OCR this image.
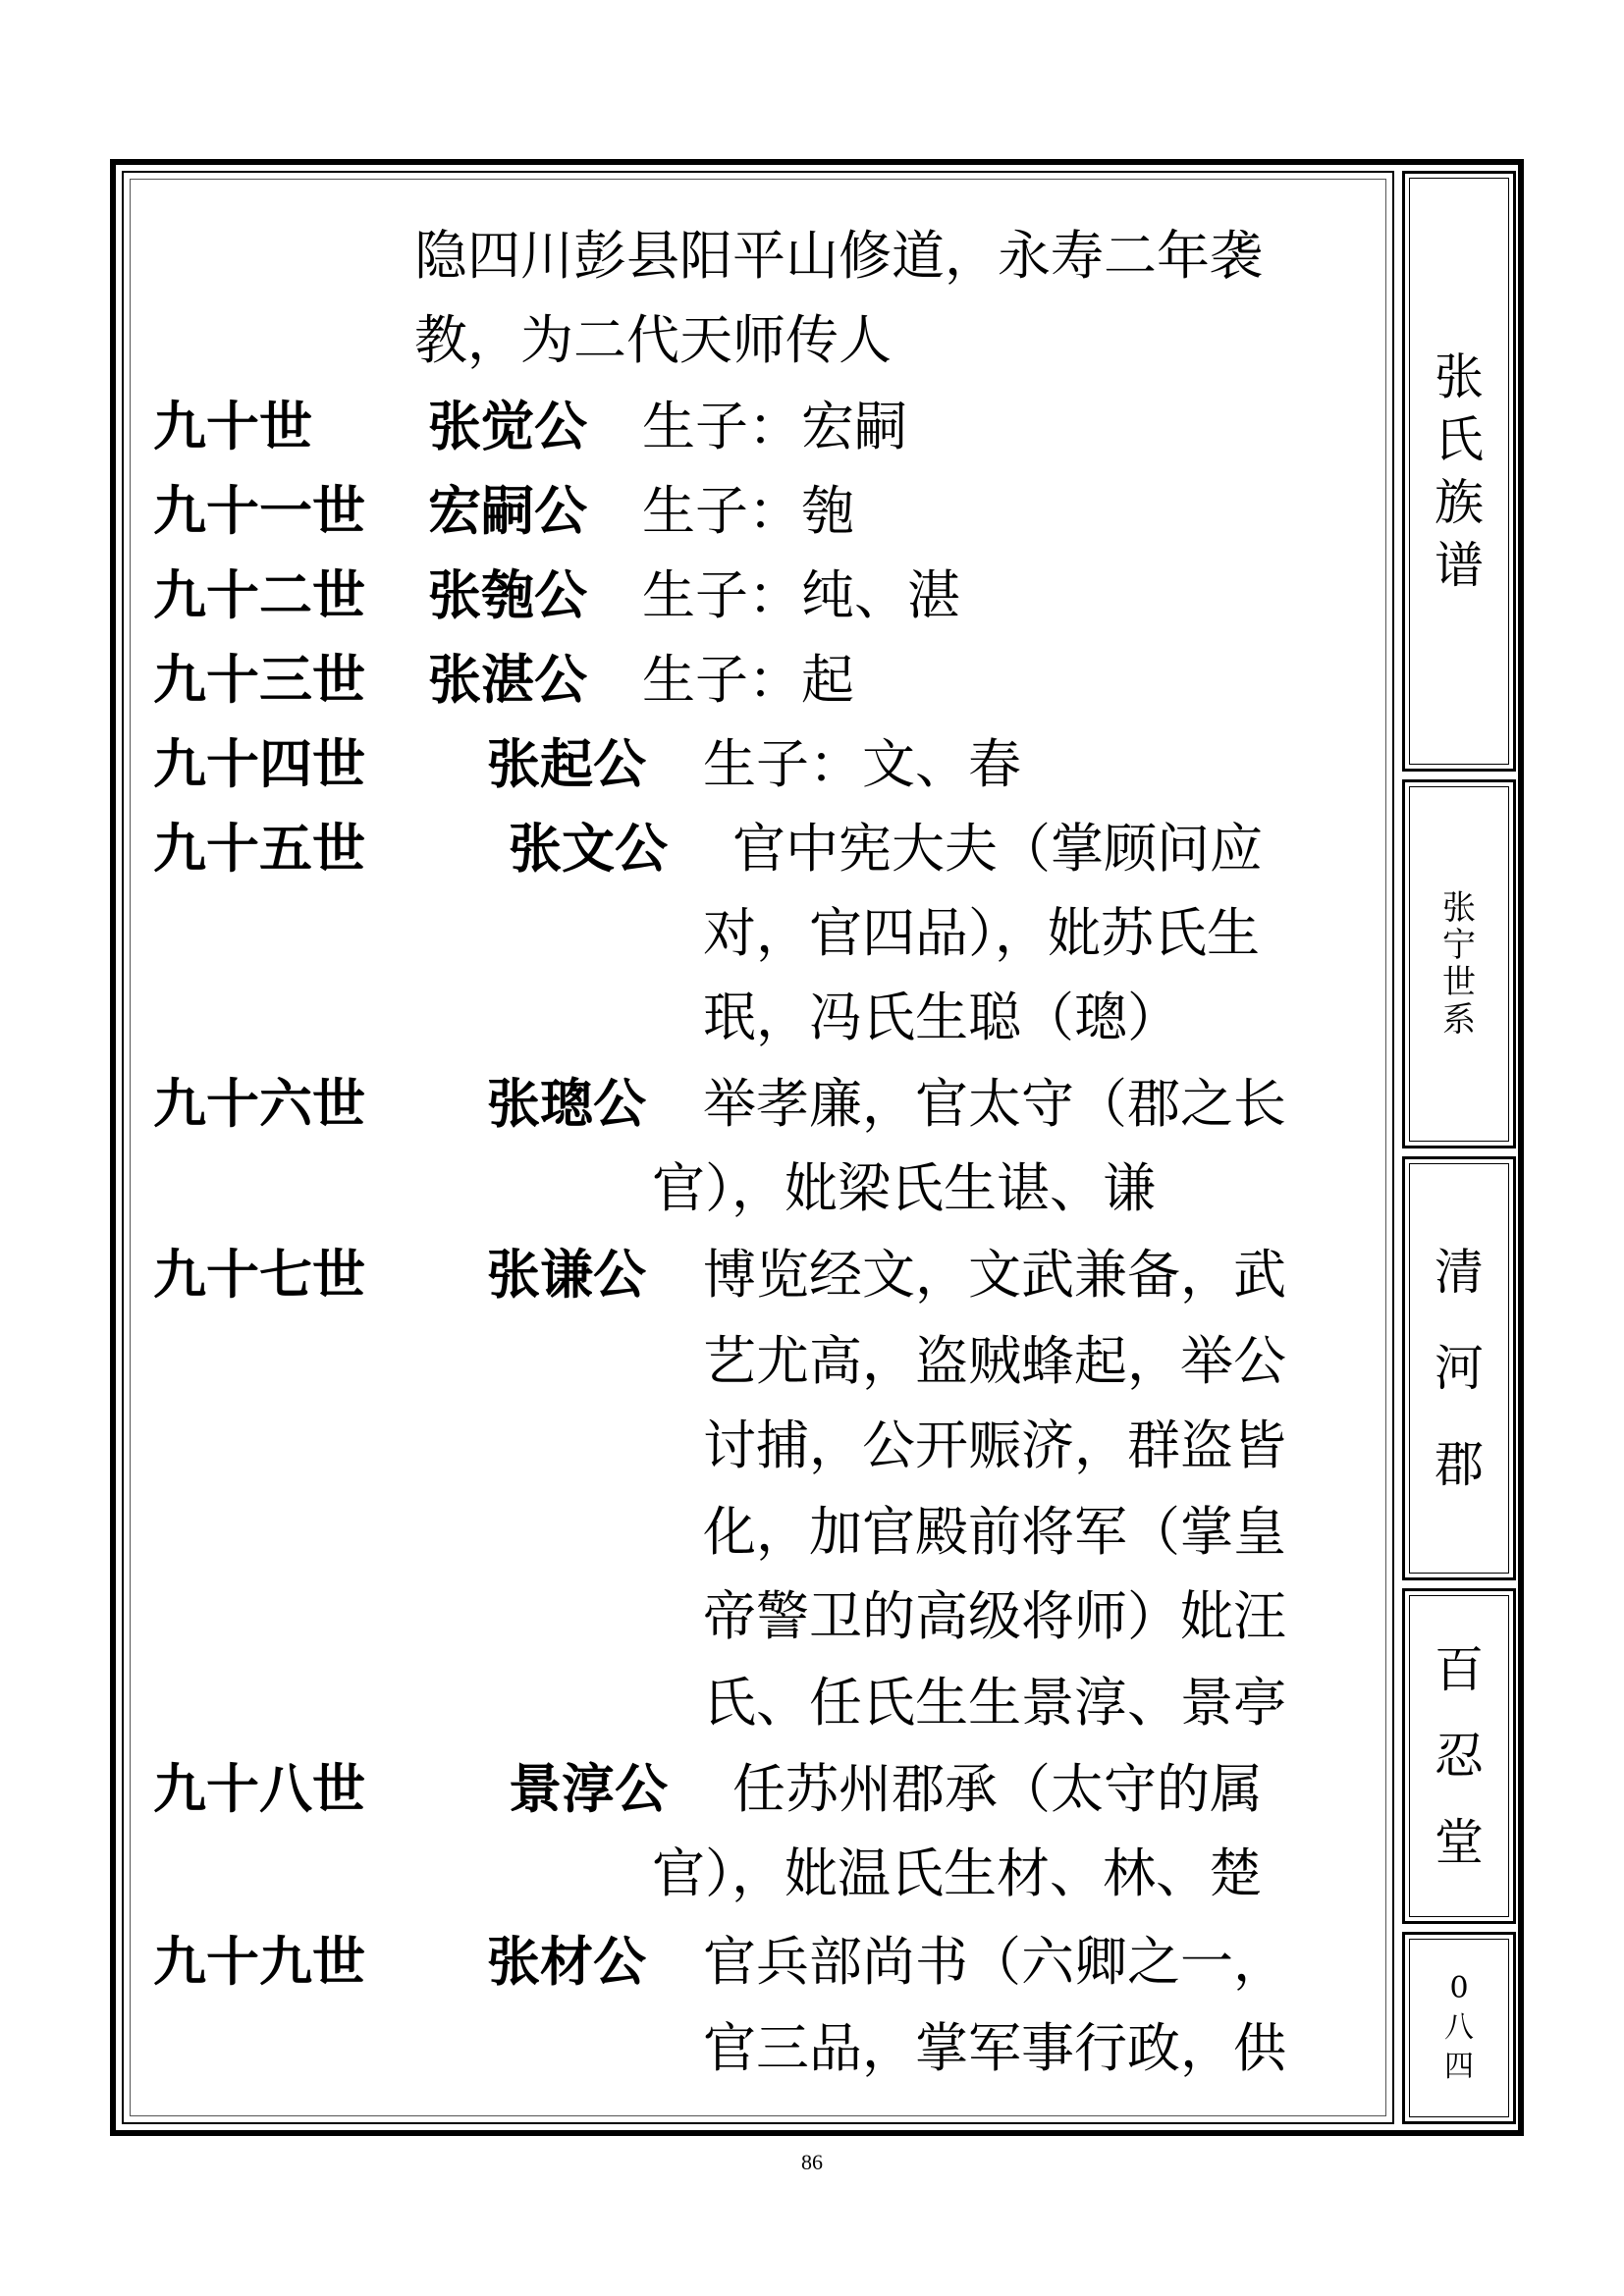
张
氏
族
谱
张
宁
世
系
清
河
郡
百
忍
堂
0
八
四
隐四川彭县阳平山修道，永寿二年袭
教，为二代天师传人
九十世 张觉公 生子：宏嗣
九十一世 宏嗣公 生子：匏
九十二世 张匏公 生子：纯、湛
九十三世 张湛公 生子：起
九十四世 张起公 生子：文、春
九十五世	张文公 官中宪大夫（掌顾问应
对，官四品），妣苏氏生
珉，冯氏生聪（璁）
九十六世 张璁公 举孝廉，官太守（郡之长
官），妣梁氏生谌、谦
九十七世 张谦公 博览经文，文武兼备，武
艺尤高，盗贼蜂起，举公
讨捕，公开赈济，群盗皆
化，加官殿前将军（掌皇
帝警卫的高级将师）妣汪
氏、任氏生生景淳、景亭
九十八世	景淳公 任苏州郡承（太守的属
官），妣温氏生材、林、楚
九十九世 张材公 官兵部尚书（六卿之一，
官三品，掌军事行政，供
86
